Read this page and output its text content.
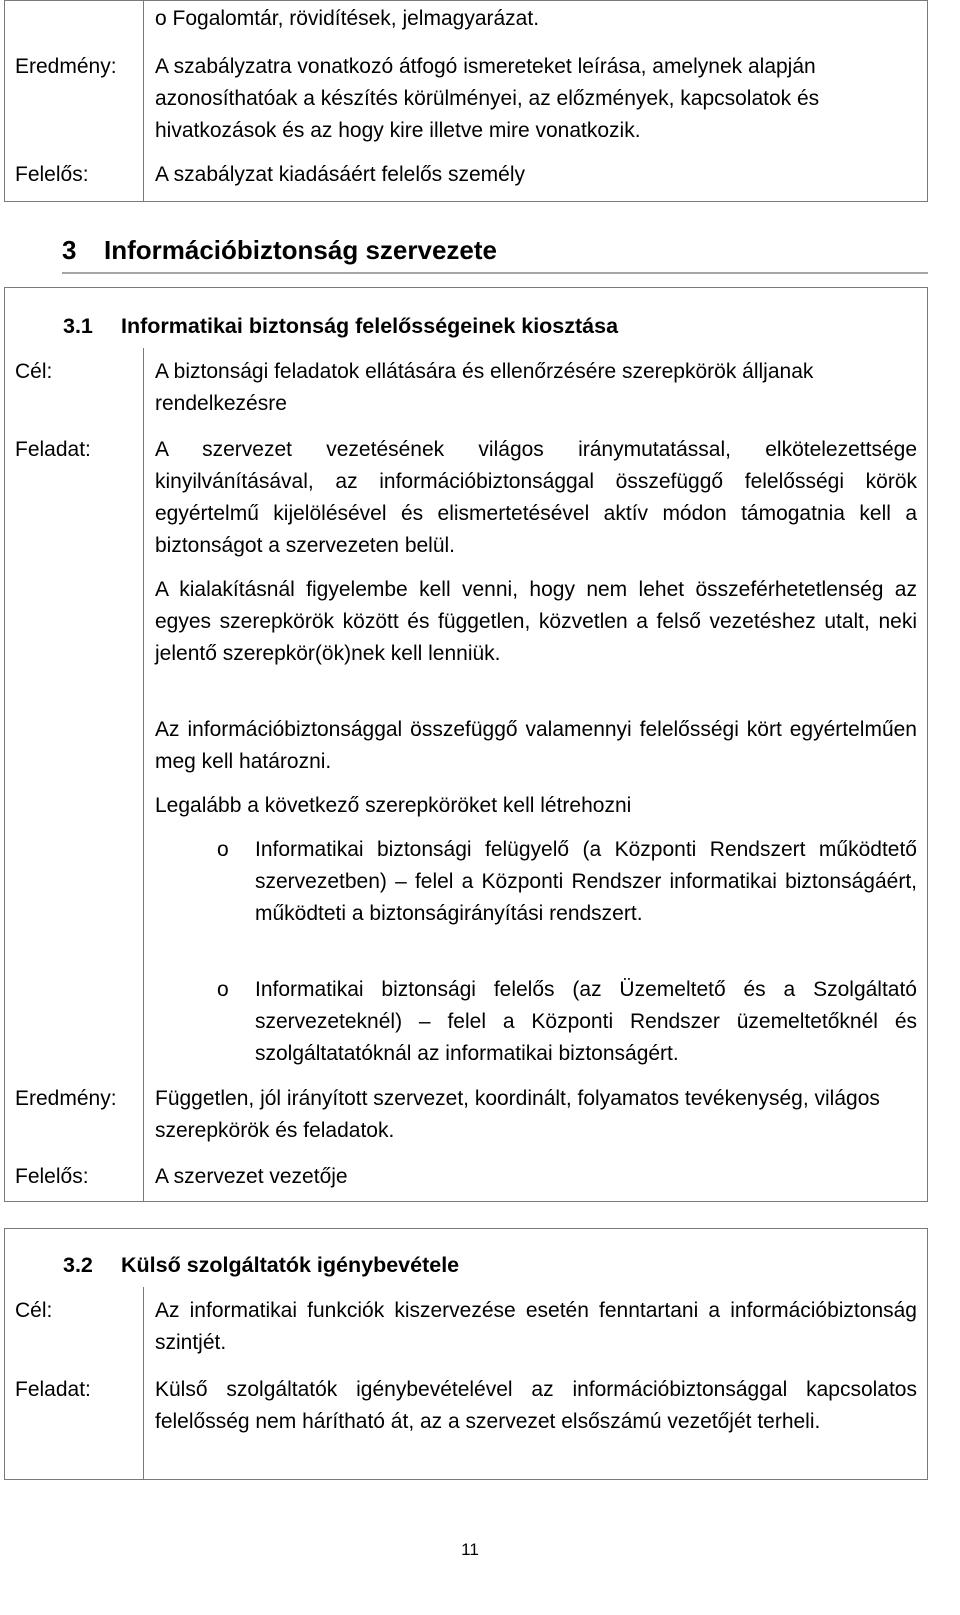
o Fogalomtár, rövidítések, jelmagyarázat.
Eredmény: A szabályzatra vonatkozó átfogó ismereteket leírása, amelynek alapján azonosíthatóak a készítés körülményei, az előzmények, kapcsolatok és hivatkozások és az hogy kire illetve mire vonatkozik.
Felelős:	A szabályzat kiadásáért felelős személy
3 Információbiztonság szervezete
3.1 Informatikai biztonság felelősségeinek kiosztása
Cél:	A biztonsági feladatok ellátására és ellenőrzésére szerepkörök álljanak rendelkezésre
Feladat:	A szervezet vezetésének világos iránymutatással, elkötelezettsége kinyilvánításával, az információbiztonsággal összefüggő felelősségi körök egyértelmű kijelölésével és elismertetésével aktív módon támogatnia kell a biztonságot a szervezeten belül.
A kialakításnál figyelembe kell venni, hogy nem lehet összeférhetetlenség az egyes szerepkörök között és független, közvetlen a felső vezetéshez utalt, neki jelentő szerepkör(ök)nek kell lenniük.
Az információbiztonsággal összefüggő valamennyi felelősségi kört egyértelműen meg kell határozni.
Legalább a következő szerepköröket kell létrehozni
o Informatikai biztonsági felügyelő (a Központi Rendszert működtető szervezetben) – felel a Központi Rendszer informatikai biztonságáért, működteti a biztonságirányítási rendszert.
o Informatikai biztonsági felelős (az Üzemeltető és a Szolgáltató szervezeteknél) – felel a Központi Rendszer üzemeltetőknél és szolgáltatatóknál az informatikai biztonságért.
Eredmény: Független, jól irányított szervezet, koordinált, folyamatos tevékenység, világos szerepkörök és feladatok.
Felelős:	A szervezet vezetője
3.2 Külső szolgáltatók igénybevétele
Cél:	Az informatikai funkciók kiszervezése esetén fenntartani a információbiztonság szintjét.
Feladat:	Külső szolgáltatók igénybevételével az információbiztonsággal kapcsolatos felelősség nem hárítható át, az a szervezet elsőszámú vezetőjét terheli.
11
